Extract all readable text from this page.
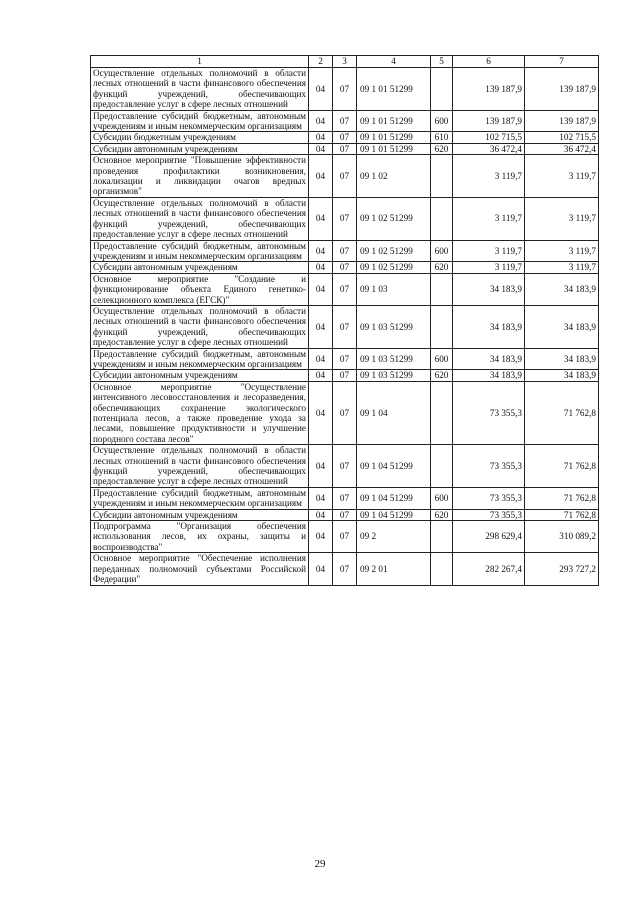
1	2	3	4	5	6	7
Осуществление отдельных полномочий в области лесных отношений в части финансового обеспечения функций учреждений, обеспечивающих предоставление услуг в сфере лесных отношений	04	07	09 1 01 51299		139 187,9	139 187,9
Предоставление субсидий бюджетным, автономным учреждениям и иным некоммерческим организациям	04	07	09 1 01 51299	600	139 187,9	139 187,9
Субсидии бюджетным учреждениям	04	07	09 1 01 51299	610	102 715,5	102 715,5
Субсидии автономным учреждениям	04	07	09 1 01 51299	620	36 472,4	36 472,4
Основное мероприятие "Повышение эффективности проведения профилактики возникновения, локализации и ликвидации очагов вредных организмов"	04	07	09 1 02		3 119,7	3 119,7
Осуществление отдельных полномочий в области лесных отношений в части финансового обеспечения функций учреждений, обеспечивающих предоставление услуг в сфере лесных отношений	04	07	09 1 02 51299		3 119,7	3 119,7
Предоставление субсидий бюджетным, автономным учреждениям и иным некоммерческим организациям	04	07	09 1 02 51299	600	3 119,7	3 119,7
Субсидии автономным учреждениям	04	07	09 1 02 51299	620	3 119,7	3 119,7
Основное мероприятие "Создание и функционирование объекта Единого генетико-селекционного комплекса (ЕГСК)"	04	07	09 1 03		34 183,9	34 183,9
Осуществление отдельных полномочий в области лесных отношений в части финансового обеспечения функций учреждений, обеспечивающих предоставление услуг в сфере лесных отношений	04	07	09 1 03 51299		34 183,9	34 183,9
Предоставление субсидий бюджетным, автономным учреждениям и иным некоммерческим организациям	04	07	09 1 03 51299	600	34 183,9	34 183,9
Субсидии автономным учреждениям	04	07	09 1 03 51299	620	34 183,9	34 183,9
Основное мероприятие "Осуществление интенсивного лесовосстановления и лесоразведения, обеспечивающих сохранение экологического потенциала лесов, а также проведение ухода за лесами, повышение продуктивности и улучшение породного состава лесов"	04	07	09 1 04		73 355,3	71 762,8
Осуществление отдельных полномочий в области лесных отношений в части финансового обеспечения функций учреждений, обеспечивающих предоставление услуг в сфере лесных отношений	04	07	09 1 04 51299		73 355,3	71 762,8
Предоставление субсидий бюджетным, автономным учреждениям и иным некоммерческим организациям	04	07	09 1 04 51299	600	73 355,3	71 762,8
Субсидии автономным учреждениям	04	07	09 1 04 51299	620	73 355,3	71 762,8
Подпрограмма "Организация обеспечения использования лесов, их охраны, защиты и воспроизводства"	04	07	09 2		298 629,4	310 089,2
Основное мероприятие "Обеспечение исполнения переданных полномочий субъектами Российской Федерации"	04	07	09 2 01		282 267,4	293 727,2
29
